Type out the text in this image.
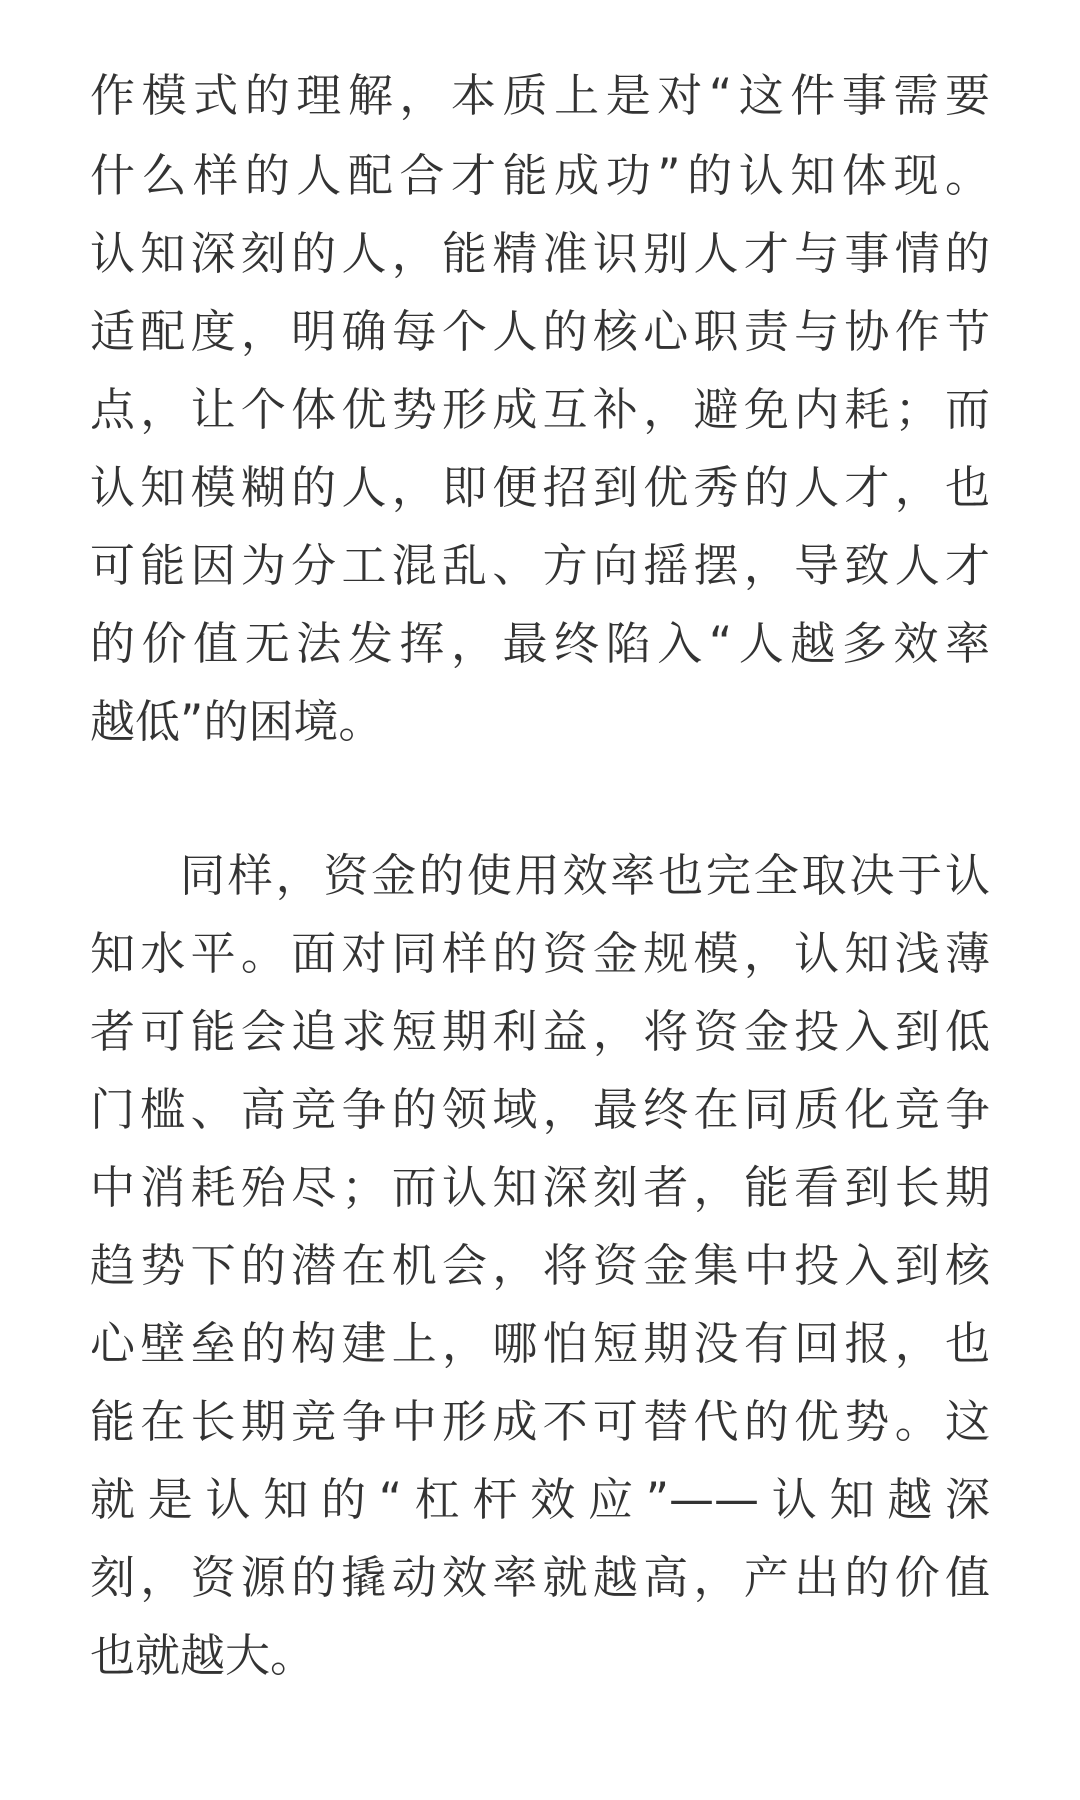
作模式的理解，本质上是对“这件事需要
什么样的人配合才能成功”的认知体现。
认知深刻的人，能精准识别人才与事情的
适配度，明确每个人的核心职责与协作节
点，让个体优势形成互补，避免内耗；而
认知模糊的人，即便招到优秀的人才，也
可能因为分工混乱、方向摇摆，导致人才
的价值无法发挥，最终陷入“人越多效率
越低”的困境。
同样，资金的使用效率也完全取决于认
知水平。面对同样的资金规模，认知浅薄
者可能会追求短期利益，将资金投入到低
门槛、高竞争的领域，最终在同质化竞争
中消耗殆尽；而认知深刻者，能看到长期
趋势下的潜在机会，将资金集中投入到核
心壁垒的构建上，哪怕短期没有回报，也
能在长期竞争中形成不可替代的优势。这
就是认知的“杠杆效应”——认知越深
刻，资源的撬动效率就越高，产出的价值
也就越大。
